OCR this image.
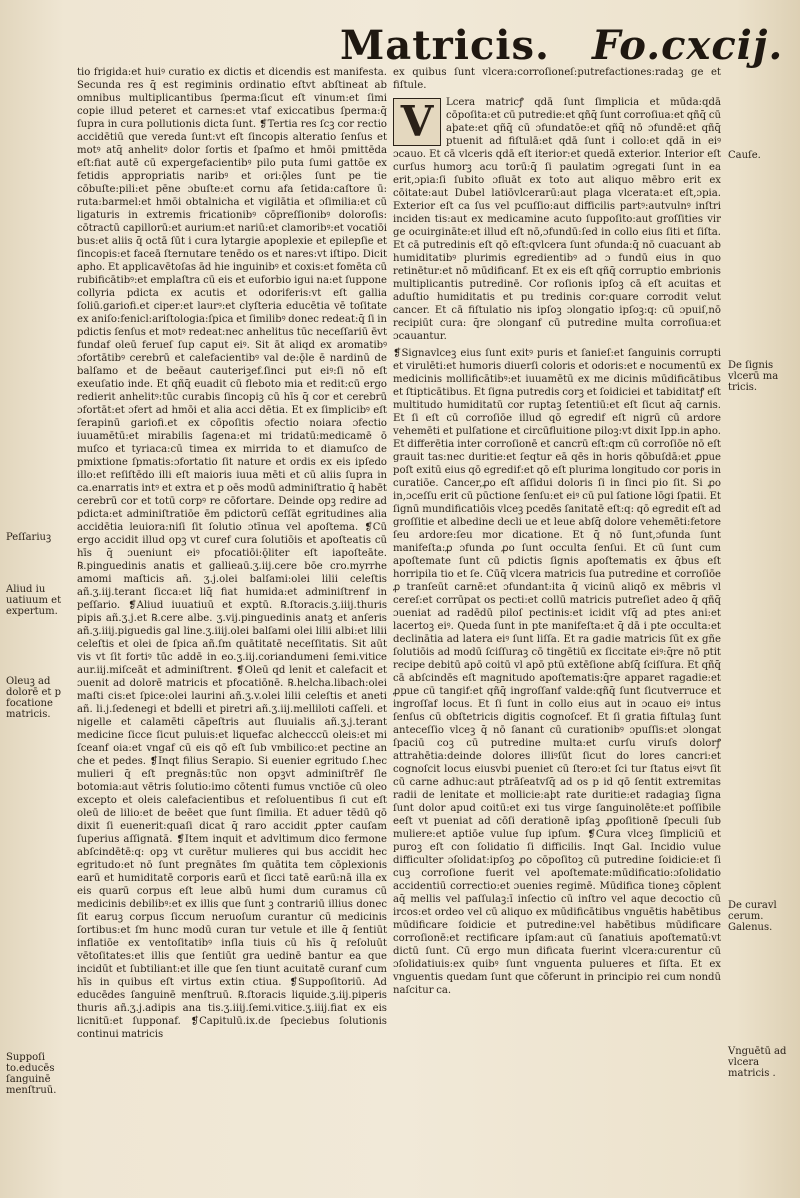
Matricis. Fo.cxcij.

tio frigida:et huiꝰ curatio ex dictis et dicendis est manifesta. Secunda res q̄ est regiminis ordinatio eſtvt abſtineat ab omnibus multiplicantibus ſperma:ſicut eſt vinum:et ſimi copie illud peteret et carnes:et vtaf exiccatibus ſperma:q̄ ſupra in cura pollutionis dicta ſunt. ❡Tertia res ſcꝫ cor rectio accidētiū que vereda ſunt:vt eſt ſincopis alteratio ſenſus et motꝰ atq̄ anhelitꝰ dolor ſortis et ſpaſmo et hmōi pmittēda eſt:fiat autē cū expergefacientibꝰ pilo puta ſumi gattōe ex fetidis appropriatis naribꝰ et ori:ǭles ſunt pe tie cōbuſte:pili:et pēne ɔbuſte:et cornu afa ſetida:caſtore ū: ruta:barmel:et hmōi obtalnicha et vigilātia et ɔſimilia:et cū ligaturis in extremis fricationibꝰ cōpreſſionibꝰ doloroſis: cōtractū capillorū:et aurium:et nariū:et clamoribꝰ:et vocatiōi bus:et aliis q̄ octā ſūt i cura lytargie apoplexie et epilepſie et ſincopis:et faceā ſternutare tenēdo os et nares:vt iſtipo. Dicit apho. Et applicavētoſas ād hie inguinibꝰ et coxis:et fomēta cū rubificātibꝰ:et emplaſtra cū eis et euforbio igui na:et ſuppone collyria pdicta ex acutis et odoriferis:vt eſt gallia ſoliū.gariofi.et ciper:et laurꝰ:et clyſteria educētia vē toſitate ex aniſo:fenicl:ariſtologia:ſpica et ſimilibꝰ donec redeat:q̄ ſi in pdictis ſenſus et motꝰ redeat:nec anhelitus tūc neceſſariū ēvt fundaf oleū ferueſ ſup caput eiꝰ. Sit āt aliqd ex aromatibꝰ ɔfortātibꝰ cerebrū et calefacientibꝰ val de:ǭle ē nardinū de balſamo et de beēaut cauteriꝫef.ſinci put eiꝰ:ſi nō eſt exeuſatio inde. Et qñq̄ euadit cū fleboto mia et redit:cū ergo redierit anhelitꝰ:tūc curabis ſincopiꝫ cū hīs q̄ cor et cerebrū ɔfortāt:et ɔfert ad hmōi et alia acci dētia. Et ex ſimplicibꝰ eſt ſerapinū gariofi.et ex cōpoſitis ɔfectio noiara ɔfectio iuuamētū:et mirabilis ſagena:et mi tridatū:medicamē ō muſco et tyriaca:cū timea ex mirrida to et diamuſco de pmixtione ſpmatis:ɔfortatio ſit nature et ordis ex eis ipſedo illo:et reſiſtēdo illi eſt maioris iuua mēti et cū aliis ſupra in ca.enarratis intꝰ et extra et p oēs modū adminiſtratio q̄ habēt cerebrū cor et totū corpꝰ re cōfortare. Deinde opꝫ redire ad pdicta:et adminiſtratiōe ēm pdictorū ceſſāt egritudines alia accidētia leuiora:niſi ſit ſolutio ɔtīnua vel apoſtema. ❡Cū ergo accidit illud opꝫ vt curef cura ſolutiōis et apoſteatis cū hīs q̄ ɔueniunt eiꝰ pfocatiōi:ǭliter eſt iapoſteāte. ℞.pinguedinis anatis et gallieaū.ʒ.iij.cere bōe cro.myrrhe amomi maſticis añ. ʒ.j.olei balſami:olei lilii celeſtis añ.ʒ.iij.terant ſicca:et liq̄ fiat humida:et adminiſtrenf in peſſario. ❡Aliud iuuatiuū et exptū. ℞.ſtoracis.ʒ.iiij.thuris pipis añ.ʒ.j.et ℞.cere albe. ʒ.vij.pinguedinis anatꝫ et anſeris añ.ʒ.iiij.piguedis gal line.ʒ.iiij.olei balſami olei lilii albi:et lilii celeſtis et olei de ſpica añ.ſm quātitatē neceſſitatis. Sit aūt vis vt ſit fortiꝰ tūc addē in eo.ʒ.iij.coriandumeni ſemi.vitice aur.iij.miſceāt et adminiſtrent. ❡Oleū qd lenit et calefacit et ɔuenit ad dolorē matricis et pfocatiōnē. ℞.helcha.libach:olei maſti cis:et ſpice:olei laurini añ.ʒ.v.olei lilii celeſtis et aneti añ. li.j.ſedenegi et bdelli et piretri añ.ʒ.iij.melliloti caſſeli. et nigelle et calamēti cāpeſtris aut ſluuialis añ.ʒ.j.terant medicine ſicce ſicut puluis:et liquefac alchecccū oleis:et mi ſceanf oia:et vngaf cū eis qō eſt ſub vmbilico:et pectine an che et pedes. ❡Inqt filius Serapio. Si euenier egritudo ſ.hec mulieri q̄ eſt pregnās:tūc non opꝫvt adminiſtrēf ſle botomia:aut vētris ſolutio:imo cōtenti fumus vnctiōe cū oleo excepto et oleis calefacientibus et reſoluentibus ſi cut eſt oleū de lilio:et de beēet que ſunt ſimilia. Et aduer tēdū qō dixit ſi euenerit:quaſi dicat q̄ raro accidit ꝓpter cauſam ſuperius aſſignatā. ❡Item inquit et advltimum dico fermone abſcindētē:q: opꝫ vt curētur mulieres qui bus accidit hec egritudo:et nō ſunt pregnātes ſm quātita tem cōplexionis earū et humiditatē corporis earū et ſicci tatē earū:nā illa ex eis quarū corpus eſt leue albū humi dum curamus cū medicinis debilibꝰ:et ex illis que ſunt ꝫ contrariū illius donec ſit earuꝫ corpus ſiccum neruoſum curantur cū medicinis ſortibus:et ſm hunc modū curan tur vetule et ille q̄ ſentiūt inflatiōe ex ventoſitatibꝰ inſla tiuis cū hīs q̄ reſoluūt vētoſitates:et illis que ſentiūt gra uedinē bantur ea que incidūt et ſubtiliant:et ille que ſen tiunt acuitatē curanf cum hīs in quibus eſt virtus extin ctiua. ❡Suppoſitoriū. Ad educēdes ſanguinē menſtruū. ℞.ſtoracis liquide.ʒ.iij.piperis thuris añ.ʒ.j.adipis ana tis.ʒ.iiij.ſemi.vitice.ʒ.iiij.fiat ex eis licnitū:et ſupponaf. ❡Capitulū.ix.de ſpeciebus ſolutionis continui matricis

ex quibus ſunt vlcera:corroſioneſ:putrefactiones:radaꝫ ge et fiſtule.

V	Lcera matricꝭ qdā ſunt ſimplicia et mūda:qdā cōpoſita:et cū putredie:et qñq̄ ſunt corroſiua:et qñq̄ cū aþate:et qñq̄ cū ɔfundatōe:et qñq̄ nō ɔfundē:et qñq̄ ptuenit ad fiſtulā:et qdā ſunt i collo:et qdā in eiꝰ ɔcauo. Et cā vlceris qdā eſt iterior:et quedā exterior. Interior eſt curſus humorꝫ acu torū:q̄ ſi paulatim ɔgregati ſunt in ea erit,ɔpia:ſi ſubito ɔfluāt ex toto aut aliquo mēbro erit ex cōitate:aut Dubel latiōvlcerarū:aut plaga vlcerata:et eſt,ɔpia. Exterior eſt ca ſus vel pcuſſio:aut difficilis partꝰ:autvulnꝰ inſtri inciden tis:aut ex medicamine acuto ſuppoſito:aut groſſities vir ge ocuirgināte:et illud eſt nō,ɔfundū:ſed in collo eius ſiti et ſiſta. Et cā putredinis eſt qō eſt:qvlcera ſunt ɔfunda:q̄ nō cuacuant ab humiditatibꝰ plurimis egredientibꝰ ad ɔ fundū eius in quo retinētur:et nō mūdificanf. Et ex eis eſt qñq̄ corruptio embrionis multiplicantis putredinē. Cor roſionis ipſoꝫ cā eſt acuitas et aduſtio humiditatis et pu tredinis cor:quare corrodit velut cancer. Et cā fiſtulatio nis ipſoꝫ ɔlongatio ipſoꝫ:q: cū ɔpuiſ,nō recipiūt cura: q̄re ɔlonganf cū putredine multa corroſiua:et ɔcauantur.

❡Signavlceꝫ eius ſunt exitꝰ puris et ſanieſ:et ſanguinis corrupti et virulēti:et humoris diuerſi coloris et odoris:et e nocumentū ex medicinis mollificātibꝰ:et iuuamētū ex me dicinis mūdificātibus et ſtipticātibus. Et ſigna putredis corꝫ et ſoidiciei et tabiditatꝭ eſt multitudo humiditatū cor ruptaꝫ ſetentiū:et eſt ſicut aq̄ carnis. Et ſi eſt cū corroſiōe illud qō egredif eſt nigrū cū ardore vehemēti et pulſatione et circūfluitione piloꝫ:vt dixit Ipp.in apho. Et differētia inter corroſionē et cancrū eſt:qm cū corroſiōe nō eſt grauit tas:nec duritie:et ſeqtur eā qēs in horis qōbuſdā:et ꝓpue poſt exitū eius qō egredif:et qō eſt plurima longitudo cor poris in curatiōe. Cancer,ꝓo eſt aſſidui doloris ſi in ſinci pio ſit. Si ꝓo in,ɔceſſu erit cū pūctione ſenſu:et eiꝰ cū pul ſatione lōgi ſpatii. Et ſignū mundificatiōis vlceꝫ pcedēs ſanitatē eſt:q: qō egredit eſt ad groſſitie et albedine decli ue et leue abſq̄ dolore vehemēti:fetore ſeu ardore:ſeu mor dicatione. Et q̄ nō ſunt,ɔfunda ſunt manifeſta:ꝓ ɔfunda ꝓo ſunt occulta ſenſui. Et cū ſunt cum apoſtemate ſunt cū pdictis ſignis apoſtematis ex q̄bus eſt horripila tio et ſe. Cūq̄ vlcera matricis ſua putredine et corroſiōe ꝓ tranſeūt carnē:et ɔfundant:ita q̄ vicinū aliqō ex mēbris vl cereſ:et corrūpat os pecti:et collū matricis putreſiet adeo q̄ qñq̄ ɔueniat ad radēdū piloſ pectinis:et icidit vſq̄ ad ptes ani:et lacertoꝫ eiꝰ. Queda ſunt in pte manifeſta:et q̄ dā i pte occulta:et declinātia ad latera eiꝰ ſunt liſſa. Et ra gadie matricis ſūt ex gñe ſolutiōis ad modū ſciſſuraꝫ cō tingētiū ex ſiccitate eiꝰ:q̄re nō ptit recipe debitū apō coitū vl apō ptū extēſione abſq̄ ſciſſura. Et qñq̄ cā abſcindēs eſt magnitudo apoſtematis:q̄re apparet ragadie:et ꝓpue cū tangif:et qñq̄ ingroſſanf valde:qñq̄ ſunt ſicutverruce et ingroſſaf locus. Et ſi ſunt in collo eius aut in ɔcauo eiꝰ intus ſenſus cū obſtetricis digitis cognoſcef. Et ſi gratia fiſtulaꝫ ſunt anteceſſio vlceꝫ q̄ nō ſanant cū curationibꝰ ɔpuſſis:et ɔlongat ſpaciū coꝫ cū putredine multa:et curſu viruſs dolorꝭ attrahētia:deinde dolores illiꝰſūt ſicut do lores cancri:et cognoſcit locus eiusvbi pueniet cū ſtero:et ſci tur ſtatus eiꝰvt ſit cū carne adhuc:aut ptrāſeatvſq̄ ad os p id qō ſentit extremitas radii de lenitate et mollicie:aþt rate duritie:et radagiaꝫ ſigna ſunt dolor apud coitū:et exi tus virge ſanguinolēte:et poſſibile eeſt vt pueniat ad cōſi derationē ipſaꝫ ꝓpoſitionē ſpeculi ſub muliere:et aptiōe vulue ſup ipſum. ❡Cura vlceꝫ ſimpliciū et puroꝫ eſt con ſolidatio ſi difficilis. Inqt Gal. Incidio vulue difficulter ɔſolidat:ipſoꝫ ꝓo cōpoſitoꝫ cū putredine ſoidicie:et ſi cuꝫ corroſione fuerit vel apoſtemate:mūdificatio:ɔſolidatio accidentiū correctio:et ɔuenies regimē. Mūdifica tioneꝫ cōplent aq̄ mellis vel paſſulaꝫ:ī inſectio cū inſtro vel aque decoctio cū ircos:et ordeo vel cū aliquo ex mūdificātibus vnguētis habētibus mūdificare ſoidicie et putredine:vel habētibus mūdificare corroſionē:et rectificare ipſam:aut cū ſanatiuis apoſtematū:vt dictū ſunt. Cū ergo mun dificata fuerint vlcera:curentur cū ɔſolidatiuis:ex quibꝰ ſunt vnguenta pulueres et ſiſta. Et ex vnguentis quedam ſunt que cōferunt in principio rei cum nondū naſcitur ca.

Peſſariuꝫ
Aliud iu uatiuum et expertum.
Oleuꝫ ad dolorē et p focatione matricis.
Suppoſi to.educēs ſanguinē menſtruū.
Cauſe.
De ſignis vlcerū ma tricis.
De curavl cerum. Galenus.
Vnguētū ad vlcera matricis .
